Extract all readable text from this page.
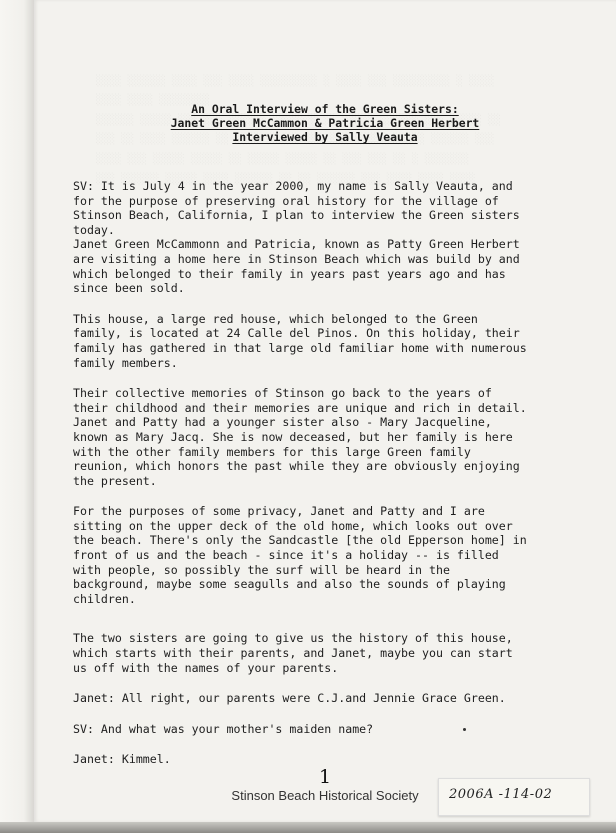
An Oral Interview of the Green Sisters:
Janet Green McCammon & Patricia Green Herbert
Interviewed by Sally Veauta

SV: It is July 4 in the year 2000, my name is Sally Veauta, and
for the purpose of preserving oral history for the village of
Stinson Beach, California, I plan to interview the Green sisters
today.
Janet Green McCammonn and Patricia, known as Patty Green Herbert
are visiting a home here in Stinson Beach which was build by and
which belonged to their family in years past years ago and has
since been sold.

This house, a large red house, which belonged to the Green
family, is located at 24 Calle del Pinos. On this holiday, their
family has gathered in that large old familiar home with numerous
family members.

Their collective memories of Stinson go back to the years of
their childhood and their memories are unique and rich in detail.
Janet and Patty had a younger sister also - Mary Jacqueline,
known as Mary Jacq. She is now deceased, but her family is here
with the other family members for this large Green family
reunion, which honors the past while they are obviously enjoying
the present.

For the purposes of some privacy, Janet and Patty and I are
sitting on the upper deck of the old home, which looks out over
the beach. There's only the Sandcastle [the old Epperson home] in
front of us and the beach - since it's a holiday -- is filled
with people, so possibly the surf will be heard in the
background, maybe some seagulls and also the sounds of playing
children.

The two sisters are going to give us the history of this house,
which starts with their parents, and Janet, maybe you can start
us off with the names of your parents.

Janet: All right, our parents were C.J.and Jennie Grace Green.

SV: And what was your mother's maiden name?

Janet: Kimmel.

1
Stinson Beach Historical Society	2006A -114-02
